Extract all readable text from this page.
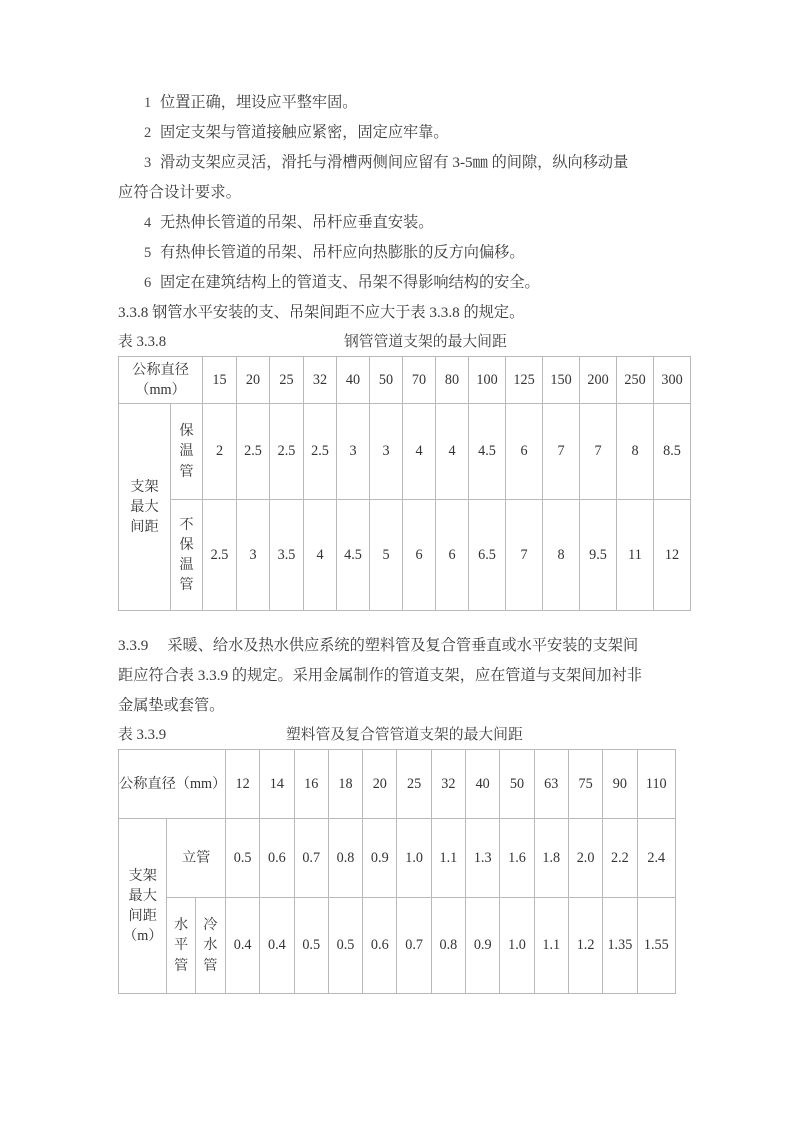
1 位置正确，埋设应平整牢固。
2 固定支架与管道接触应紧密，固定应牢靠。
3 滑动支架应灵活，滑托与滑槽两侧间应留有 3-5㎜ 的间隙，纵向移动量
应符合设计要求。
4 无热伸长管道的吊架、吊杆应垂直安装。
5 有热伸长管道的吊架、吊杆应向热膨胀的反方向偏移。
6 固定在建筑结构上的管道支、吊架不得影响结构的安全。
3.3.8 钢管水平安装的支、吊架间距不应大于表 3.3.8 的规定。
表 3.3.8	钢管管道支架的最大间距
公称直径
（mm）		15	20	25	32	40	50	70	80	100	125	150	200	250	300

支架
最大
间距	保
温
管	2	2.5	2.5	2.5	3	3	4	4	4.5	6	7	7	8	8.5

	不
保
温
管	2.5	3	3.5	4	4.5	5	6	6	6.5	7	8	9.5	11	12
3.3.9　 采暖、给水及热水供应系统的塑料管及复合管垂直或水平安装的支架间
距应符合表 3.3.9 的规定。采用金属制作的管道支架，应在管道与支架间加衬非
金属垫或套管。
表 3.3.9	塑料管及复合管管道支架的最大间距
公称直径（mm）			12	14	16	18	20	25	32	40	50	63	75	90	110

支架
最大
间距
（m）	立管		0.5	0.6	0.7	0.8	0.9	1.0	1.1	1.3	1.6	1.8	2.0	2.2	2.4

	水
平
管	冷
水
管	0.4	0.4	0.5	0.5	0.6	0.7	0.8	0.9	1.0	1.1	1.2	1.35	1.55
